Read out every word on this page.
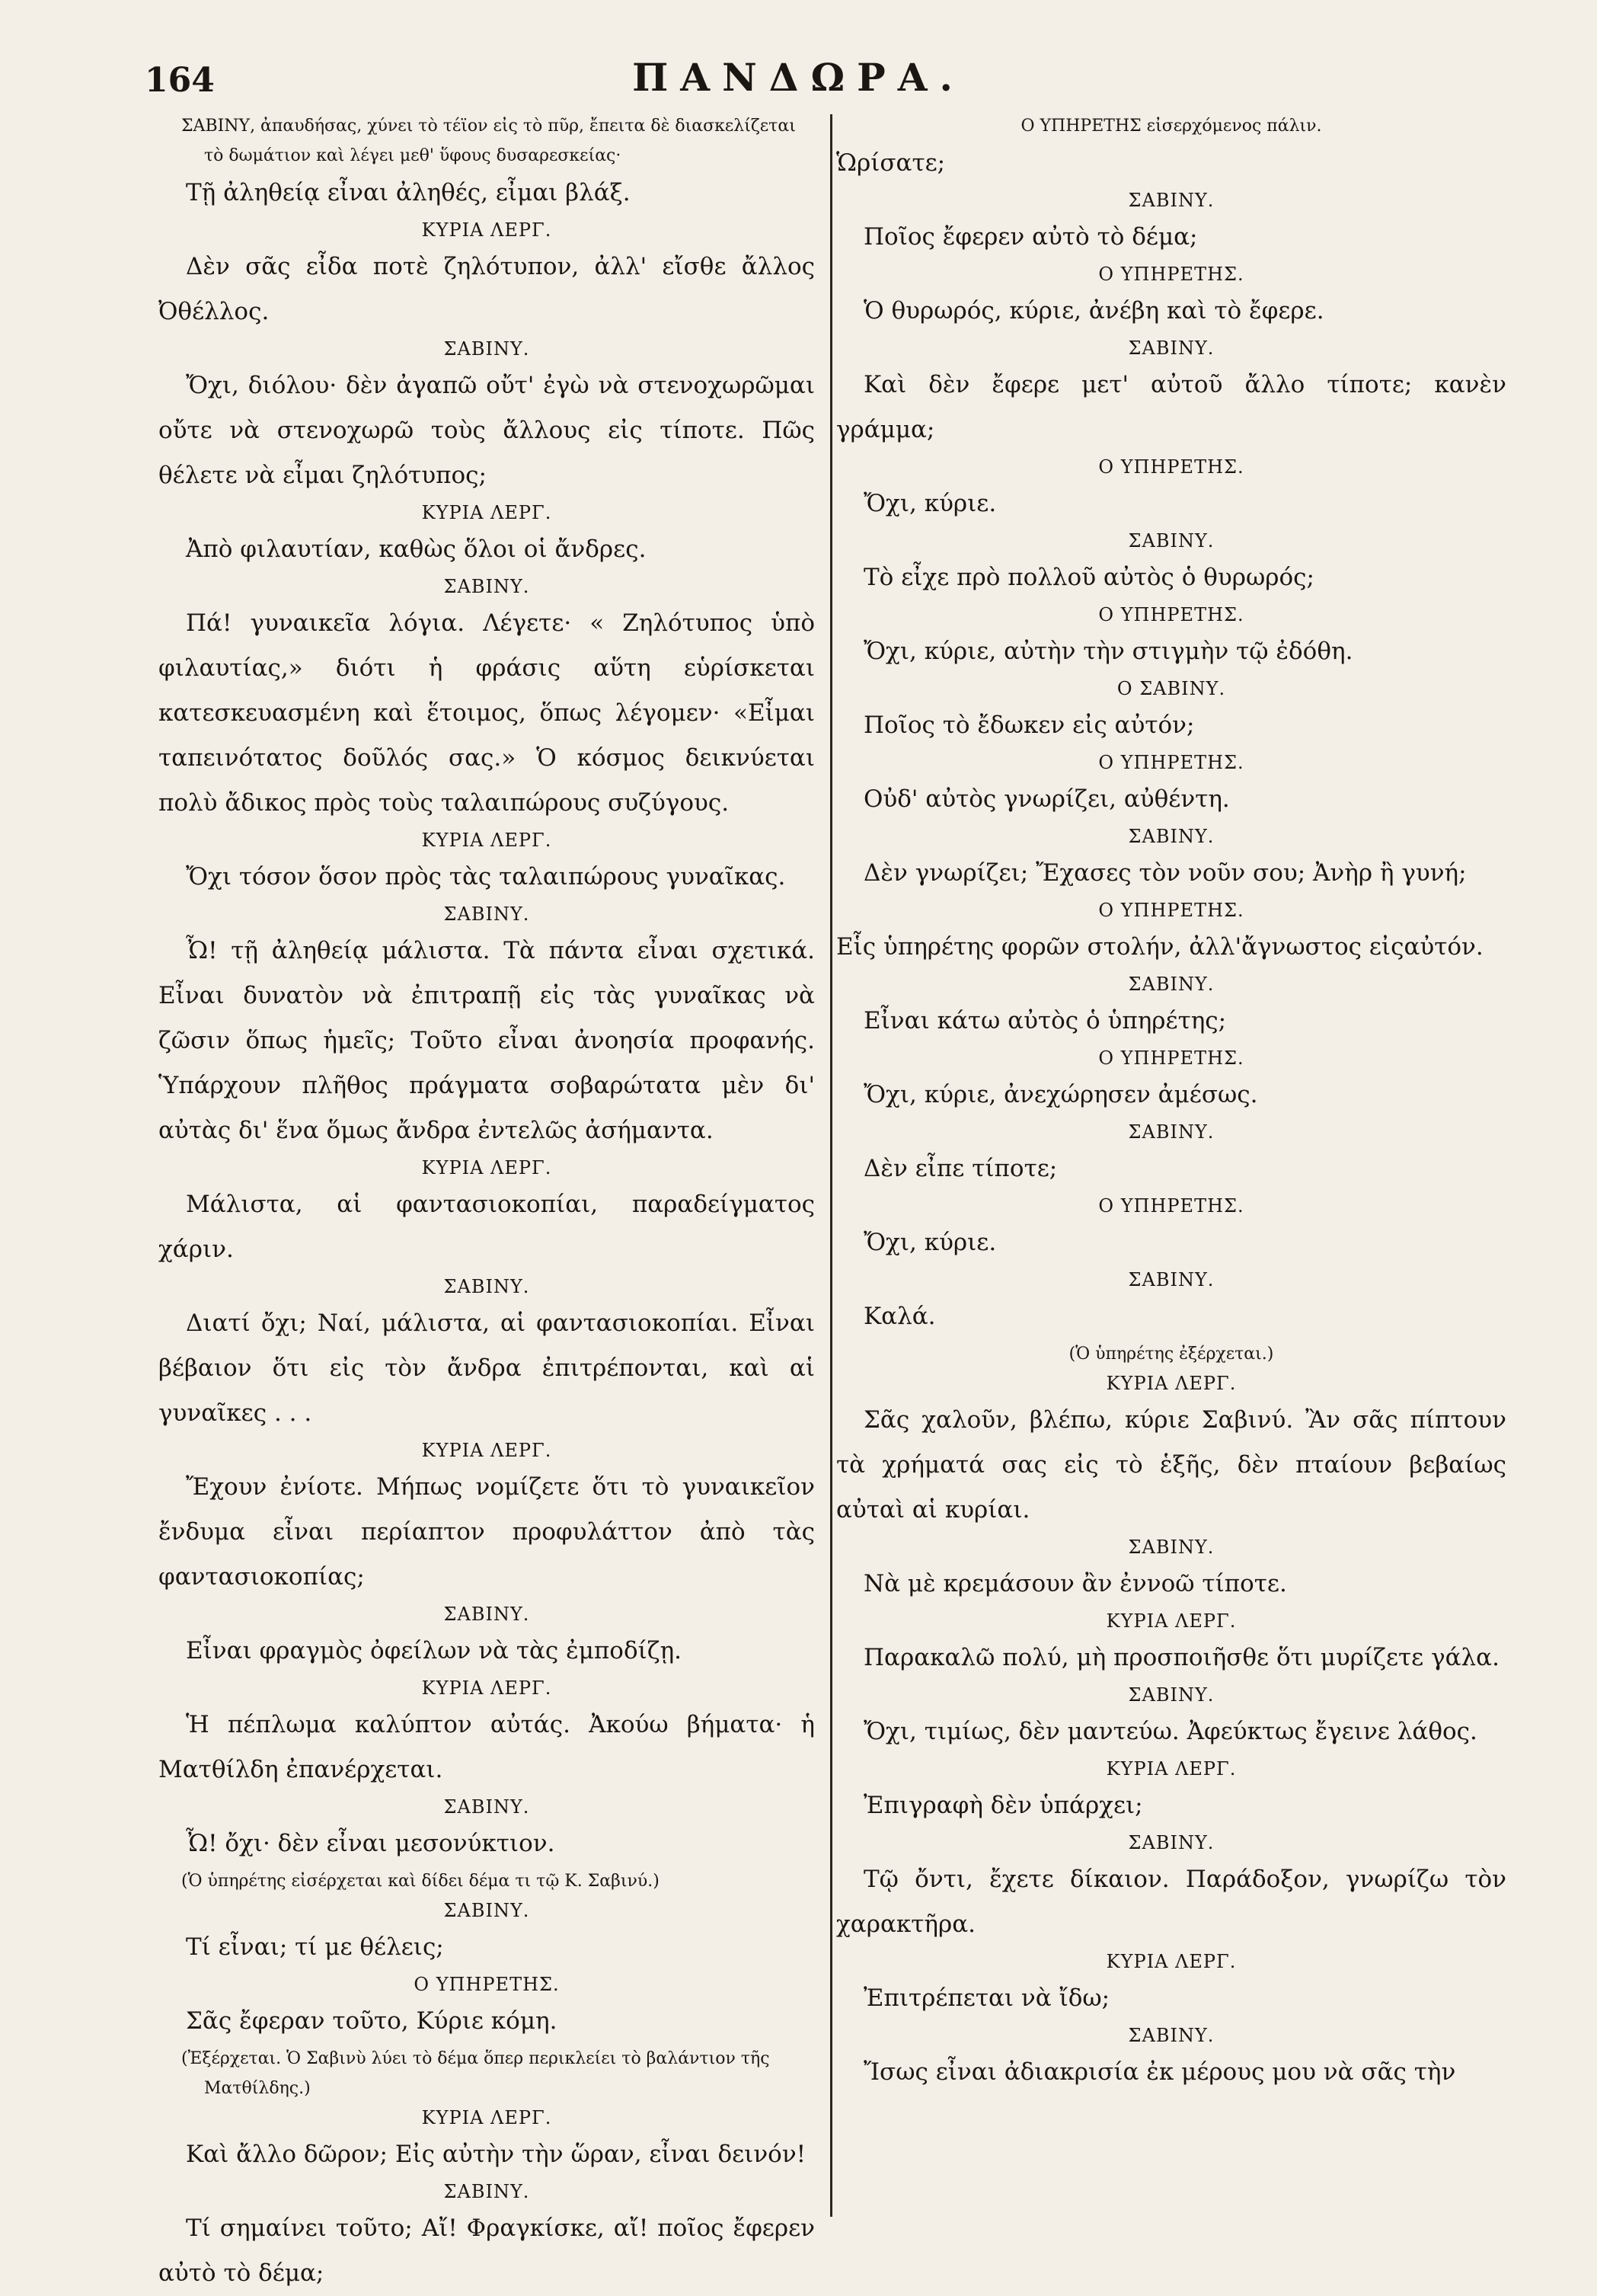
164	ΠΑΝΔΩΡΑ.

ΣΑΒΙΝΥ, ἀπαυδήσας, χύνει τὸ τέϊον εἰς τὸ πῦρ, ἔπειτα δὲ διασκελίζεται τὸ δωμάτιον καὶ λέγει μεθ' ὕφους δυσαρεσκείας·

Τῇ ἀληθείᾳ εἶναι ἀληθές, εἶμαι βλάξ.

ΚΥΡΙΑ ΛΕΡΓ.

Δὲν σᾶς εἶδα ποτὲ ζηλότυπον, ἀλλ' εἴσθε ἄλλος Ὀθέλλος.

ΣΑΒΙΝΥ.

Ὄχι, διόλου· δὲν ἀγαπῶ οὔτ' ἐγὼ νὰ στενοχωρῶμαι οὔτε νὰ στενοχωρῶ τοὺς ἄλλους εἰς τίποτε. Πῶς θέλετε νὰ εἶμαι ζηλότυπος;

ΚΥΡΙΑ ΛΕΡΓ.

Ἀπὸ φιλαυτίαν, καθὼς ὅλοι οἱ ἄνδρες.

ΣΑΒΙΝΥ.

Πά! γυναικεῖα λόγια. Λέγετε· « Ζηλότυπος ὑπὸ φιλαυτίας,» διότι ἡ φράσις αὕτη εὑρίσκεται κατεσκευασμένη καὶ ἕτοιμος, ὅπως λέγομεν· «Εἶμαι ταπεινότατος δοῦλός σας.» Ὁ κόσμος δεικνύεται πολὺ ἄδικος πρὸς τοὺς ταλαιπώρους συζύγους.

ΚΥΡΙΑ ΛΕΡΓ.

Ὄχι τόσον ὅσον πρὸς τὰς ταλαιπώρους γυναῖκας.

ΣΑΒΙΝΥ.

Ὦ! τῇ ἀληθείᾳ μάλιστα. Τὰ πάντα εἶναι σχετικά. Εἶναι δυνατὸν νὰ ἐπιτραπῇ εἰς τὰς γυναῖκας νὰ ζῶσιν ὅπως ἡμεῖς; Τοῦτο εἶναι ἀνοησία προφανής. Ὑπάρχουν πλῆθος πράγματα σοβαρώτατα μὲν δι' αὐτὰς δι' ἕνα ὅμως ἄνδρα ἐντελῶς ἀσήμαντα.

ΚΥΡΙΑ ΛΕΡΓ.

Μάλιστα, αἱ φαντασιοκοπίαι, παραδείγματος χάριν.

ΣΑΒΙΝΥ.

Διατί ὄχι; Ναί, μάλιστα, αἱ φαντασιοκοπίαι. Εἶναι βέβαιον ὅτι εἰς τὸν ἄνδρα ἐπιτρέπονται, καὶ αἱ γυναῖκες . . .

ΚΥΡΙΑ ΛΕΡΓ.

Ἔχουν ἐνίοτε. Μήπως νομίζετε ὅτι τὸ γυναικεῖον ἔνδυμα εἶναι περίαπτον προφυλάττον ἀπὸ τὰς φαντασιοκοπίας;

ΣΑΒΙΝΥ.

Εἶναι φραγμὸς ὀφείλων νὰ τὰς ἐμποδίζῃ.

ΚΥΡΙΑ ΛΕΡΓ.

Ἡ πέπλωμα καλύπτον αὐτάς. Ἀκούω βήματα· ἡ Ματθίλδη ἐπανέρχεται.

ΣΑΒΙΝΥ.

Ὦ! ὄχι· δὲν εἶναι μεσονύκτιον.

(Ὁ ὑπηρέτης εἰσέρχεται καὶ δίδει δέμα τι τῷ Κ. Σαβινύ.)

ΣΑΒΙΝΥ.

Τί εἶναι; τί με θέλεις;

Ο ΥΠΗΡΕΤΗΣ.

Σᾶς ἔφεραν τοῦτο, Κύριε κόμη.

(Ἐξέρχεται. Ὁ Σαβινὺ λύει τὸ δέμα ὅπερ περικλείει τὸ βαλάντιον τῆς Ματθίλδης.)

ΚΥΡΙΑ ΛΕΡΓ.

Καὶ ἄλλο δῶρον; Εἰς αὐτὴν τὴν ὥραν, εἶναι δεινόν!

ΣΑΒΙΝΥ.

Τί σημαίνει τοῦτο; Αἴ! Φραγκίσκε, αἴ! ποῖος ἔφερεν αὐτὸ τὸ δέμα;

Ο ΥΠΗΡΕΤΗΣ εἰσερχόμενος πάλιν.

Ὡρίσατε;

ΣΑΒΙΝΥ.

Ποῖος ἔφερεν αὐτὸ τὸ δέμα;

Ο ΥΠΗΡΕΤΗΣ.

Ὁ θυρωρός, κύριε, ἀνέβη καὶ τὸ ἔφερε.

ΣΑΒΙΝΥ.

Καὶ δὲν ἔφερε μετ' αὐτοῦ ἄλλο τίποτε; κανὲν γράμμα;

Ο ΥΠΗΡΕΤΗΣ.

Ὄχι, κύριε.

ΣΑΒΙΝΥ.

Τὸ εἶχε πρὸ πολλοῦ αὐτὸς ὁ θυρωρός;

Ο ΥΠΗΡΕΤΗΣ.

Ὄχι, κύριε, αὐτὴν τὴν στιγμὴν τῷ ἐδόθη.

Ο ΣΑΒΙΝΥ.

Ποῖος τὸ ἔδωκεν εἰς αὐτόν;

Ο ΥΠΗΡΕΤΗΣ.

Οὐδ' αὐτὸς γνωρίζει, αὐθέντη.

ΣΑΒΙΝΥ.

Δὲν γνωρίζει; Ἔχασες τὸν νοῦν σου; Ἀνὴρ ἢ γυνή;

Ο ΥΠΗΡΕΤΗΣ.

Εἷς ὑπηρέτης φορῶν στολήν, ἀλλ'ἄγνωστος εἰςαὐτόν.

ΣΑΒΙΝΥ.

Εἶναι κάτω αὐτὸς ὁ ὑπηρέτης;

Ο ΥΠΗΡΕΤΗΣ.

Ὄχι, κύριε, ἀνεχώρησεν ἀμέσως.

ΣΑΒΙΝΥ.

Δὲν εἶπε τίποτε;

Ο ΥΠΗΡΕΤΗΣ.

Ὄχι, κύριε.

ΣΑΒΙΝΥ.

Καλά.

(Ὁ ὑπηρέτης ἐξέρχεται.)

ΚΥΡΙΑ ΛΕΡΓ.

Σᾶς χαλοῦν, βλέπω, κύριε Σαβινύ. Ἂν σᾶς πίπτουν τὰ χρήματά σας εἰς τὸ ἑξῆς, δὲν πταίουν βεβαίως αὐταὶ αἱ κυρίαι.

ΣΑΒΙΝΥ.

Νὰ μὲ κρεμάσουν ἂν ἐννοῶ τίποτε.

ΚΥΡΙΑ ΛΕΡΓ.

Παρακαλῶ πολύ, μὴ προσποιῆσθε ὅτι μυρίζετε γάλα.

ΣΑΒΙΝΥ.

Ὄχι, τιμίως, δὲν μαντεύω. Ἀφεύκτως ἔγεινε λάθος.

ΚΥΡΙΑ ΛΕΡΓ.

Ἐπιγραφὴ δὲν ὑπάρχει;

ΣΑΒΙΝΥ.

Τῷ ὄντι, ἔχετε δίκαιον. Παράδοξον, γνωρίζω τὸν χαρακτῆρα.

ΚΥΡΙΑ ΛΕΡΓ.

Ἐπιτρέπεται νὰ ἴδω;

ΣΑΒΙΝΥ.

Ἴσως εἶναι ἀδιακρισία ἐκ μέρους μου νὰ σᾶς τὴν
